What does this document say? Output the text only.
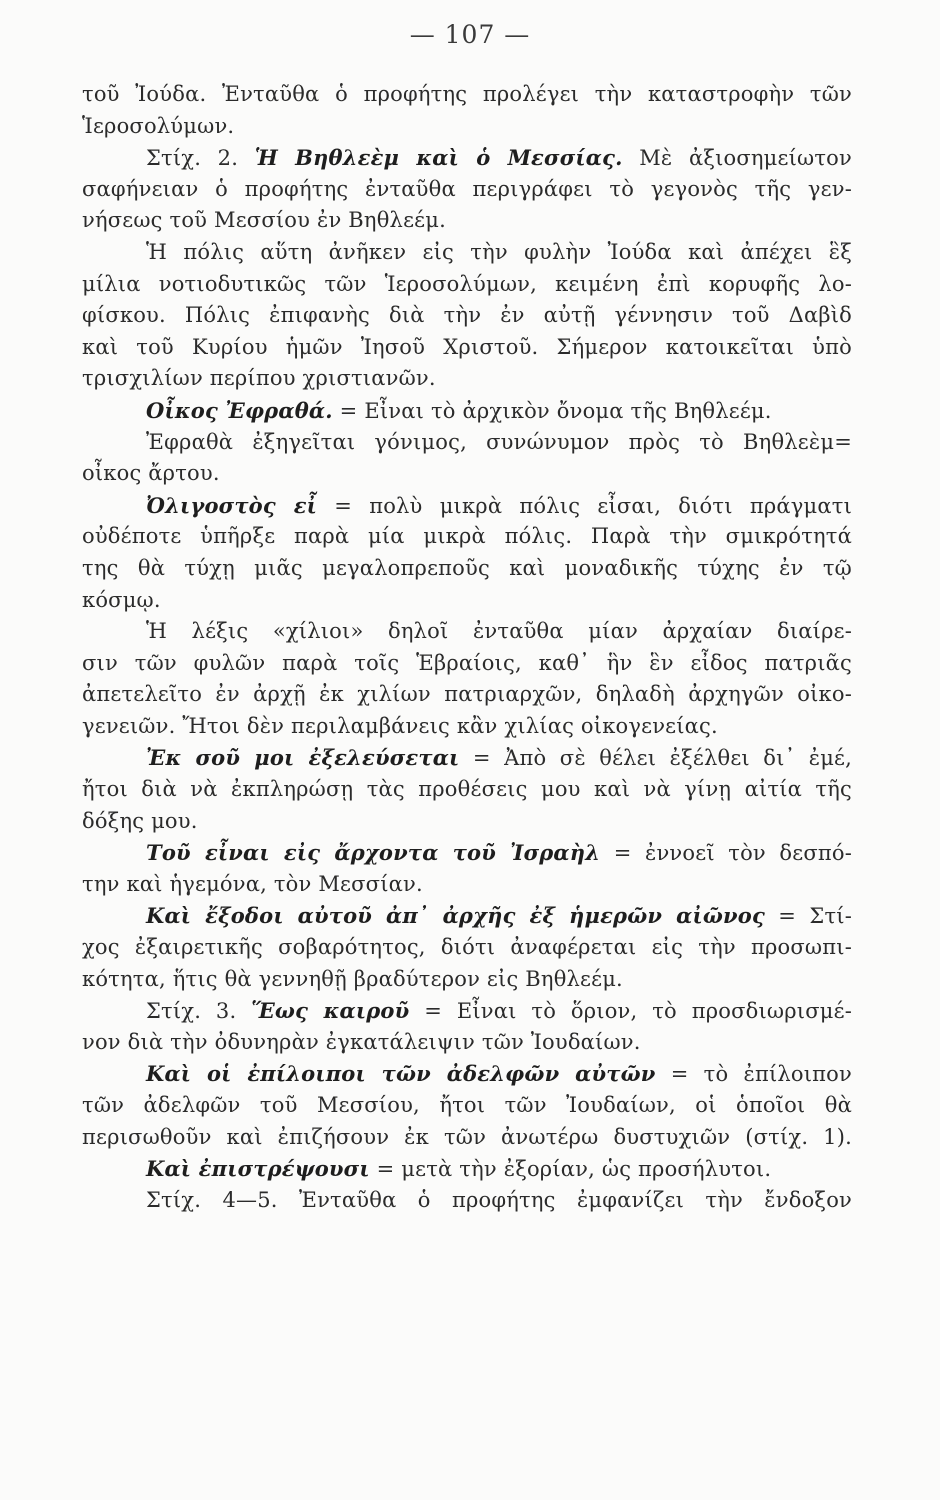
— 107 —
τοῦ Ἰούδα. Ἐνταῦθα ὁ προφήτης προλέγει τὴν καταστροφὴν τῶν
Ἱεροσολύμων.
Στίχ. 2. Ἡ Βηθλεὲμ καὶ ὁ Μεσσίας. Μὲ ἀξιοσημείωτον
σαφήνειαν ὁ προφήτης ἐνταῦθα περιγράφει τὸ γεγονὸς τῆς γεν-
νήσεως τοῦ Μεσσίου ἐν Βηθλεέμ.
Ἡ πόλις αὕτη ἀνῆκεν εἰς τὴν φυλὴν Ἰούδα καὶ ἀπέχει ἓξ
μίλια νοτιοδυτικῶς τῶν Ἱεροσολύμων, κειμένη ἐπὶ κορυφῆς λο-
φίσκου. Πόλις ἐπιφανὴς διὰ τὴν ἐν αὐτῇ γέννησιν τοῦ Δαβὶδ
καὶ τοῦ Κυρίου ἡμῶν Ἰησοῦ Χριστοῦ. Σήμερον κατοικεῖται ὑπὸ
τρισχιλίων περίπου χριστιανῶν.
Οἶκος Ἐφραθά. = Εἶναι τὸ ἀρχικὸν ὄνομα τῆς Βηθλεέμ.
Ἐφραθὰ ἐξηγεῖται γόνιμος, συνώνυμον πρὸς τὸ Βηθλεὲμ=
οἶκος ἄρτου.
Ὀλιγοστὸς εἶ = πολὺ μικρὰ πόλις εἶσαι, διότι πράγματι
οὐδέποτε ὑπῆρξε παρὰ μία μικρὰ πόλις. Παρὰ τὴν σμικρότητά
της θὰ τύχῃ μιᾶς μεγαλοπρεποῦς καὶ μοναδικῆς τύχης ἐν τῷ
κόσμῳ.
Ἡ λέξις «χίλιοι» δηλοῖ ἐνταῦθα μίαν ἀρχαίαν διαίρε-
σιν τῶν φυλῶν παρὰ τοῖς Ἑβραίοις, καθ᾽ ἣν ἓν εἶδος πατριᾶς
ἀπετελεῖτο ἐν ἀρχῇ ἐκ χιλίων πατριαρχῶν, δηλαδὴ ἀρχηγῶν οἰκο-
γενειῶν. Ἤτοι δὲν περιλαμβάνεις κἂν χιλίας οἰκογενείας.
Ἐκ σοῦ μοι ἐξελεύσεται = Ἀπὸ σὲ θέλει ἐξέλθει δι᾽ ἐμέ,
ἤτοι διὰ νὰ ἐκπληρώσῃ τὰς προθέσεις μου καὶ νὰ γίνῃ αἰτία τῆς
δόξης μου.
Τοῦ εἶναι εἰς ἄρχοντα τοῦ Ἰσραὴλ = ἐννοεῖ τὸν δεσπό-
την καὶ ἡγεμόνα, τὸν Μεσσίαν.
Καὶ ἔξοδοι αὐτοῦ ἀπ᾽ ἀρχῆς ἐξ ἡμερῶν αἰῶνος = Στί-
χος ἐξαιρετικῆς σοβαρότητος, διότι ἀναφέρεται εἰς τὴν προσωπι-
κότητα, ἥτις θὰ γεννηθῇ βραδύτερον εἰς Βηθλεέμ.
Στίχ. 3. Ἕως καιροῦ = Εἶναι τὸ ὅριον, τὸ προσδιωρισμέ-
νον διὰ τὴν ὀδυνηρὰν ἐγκατάλειψιν τῶν Ἰουδαίων.
Καὶ οἱ ἐπίλοιποι τῶν ἀδελφῶν αὐτῶν = τὸ ἐπίλοιπον
τῶν ἀδελφῶν τοῦ Μεσσίου, ἤτοι τῶν Ἰουδαίων, οἱ ὁποῖοι θὰ
περισωθοῦν καὶ ἐπιζήσουν ἐκ τῶν ἀνωτέρω δυστυχιῶν (στίχ. 1).
Καὶ ἐπιστρέψουσι = μετὰ τὴν ἐξορίαν, ὡς προσήλυτοι.
Στίχ. 4—5. Ἐνταῦθα ὁ προφήτης ἐμφανίζει τὴν ἔνδοξον
